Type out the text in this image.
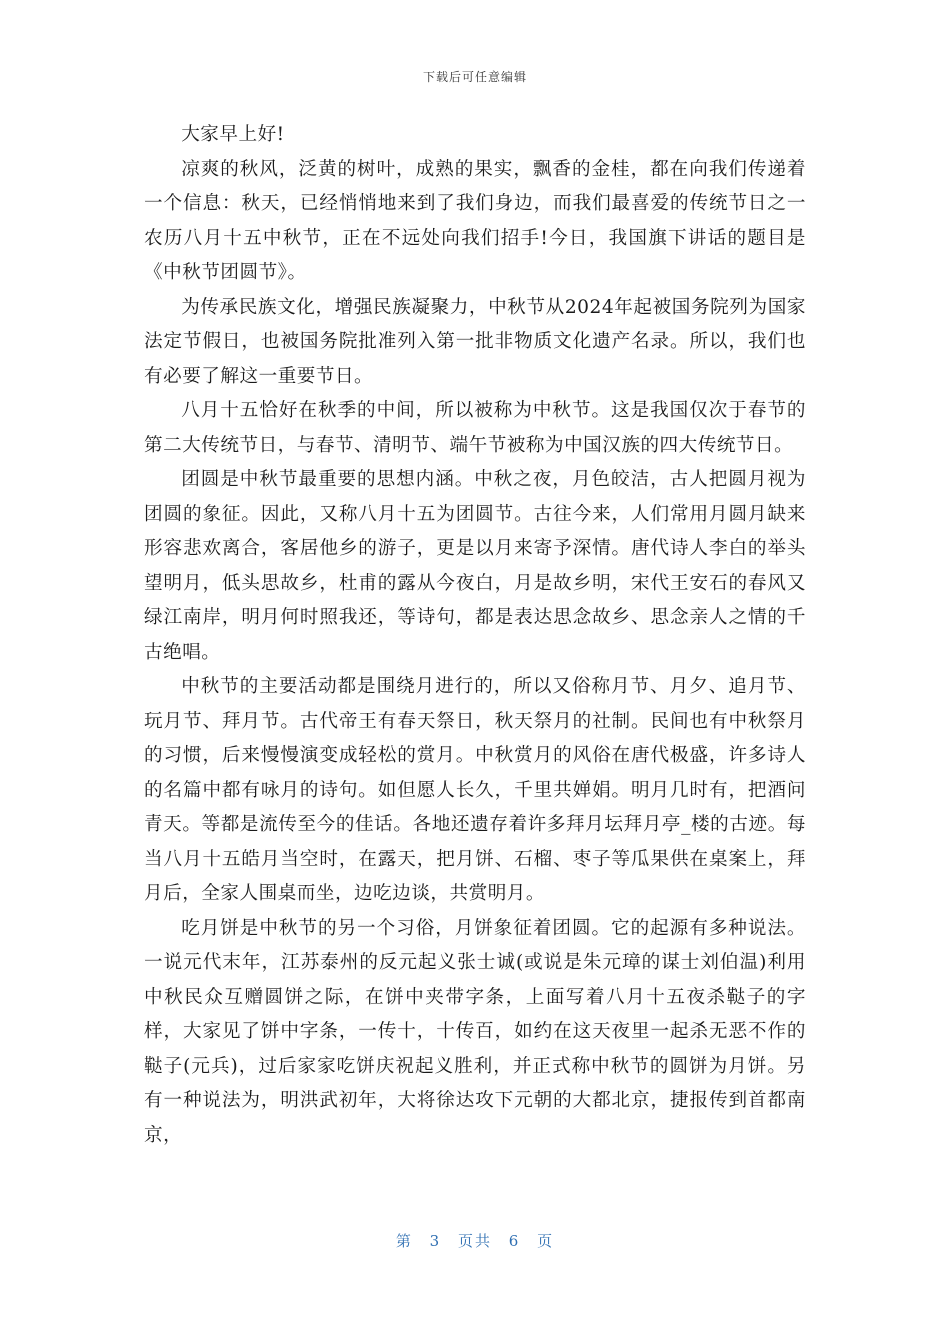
下载后可任意编辑

大家早上好!

凉爽的秋风，泛黄的树叶，成熟的果实，飘香的金桂，都在向我们传递着一个信息：秋天，已经悄悄地来到了我们身边，而我们最喜爱的传统节日之一农历八月十五中秋节，正在不远处向我们招手!今日，我国旗下讲话的题目是《中秋节团圆节》。

为传承民族文化，增强民族凝聚力，中秋节从2024年起被国务院列为国家法定节假日，也被国务院批准列入第一批非物质文化遗产名录。所以，我们也有必要了解这一重要节日。

八月十五恰好在秋季的中间，所以被称为中秋节。这是我国仅次于春节的第二大传统节日，与春节、清明节、端午节被称为中国汉族的四大传统节日。

团圆是中秋节最重要的思想内涵。中秋之夜，月色皎洁，古人把圆月视为团圆的象征。因此，又称八月十五为团圆节。古往今来，人们常用月圆月缺来形容悲欢离合，客居他乡的游子，更是以月来寄予深情。唐代诗人李白的举头望明月，低头思故乡，杜甫的露从今夜白，月是故乡明，宋代王安石的春风又绿江南岸，明月何时照我还，等诗句，都是表达思念故乡、思念亲人之情的千古绝唱。

中秋节的主要活动都是围绕月进行的，所以又俗称月节、月夕、追月节、玩月节、拜月节。古代帝王有春天祭日，秋天祭月的社制。民间也有中秋祭月的习惯，后来慢慢演变成轻松的赏月。中秋赏月的风俗在唐代极盛，许多诗人的名篇中都有咏月的诗句。如但愿人长久，千里共婵娟。明月几时有，把酒问青天。等都是流传至今的佳话。各地还遗存着许多拜月坛拜月亭_楼的古迹。每当八月十五皓月当空时，在露天，把月饼、石榴、枣子等瓜果供在桌案上，拜月后，全家人围桌而坐，边吃边谈，共赏明月。

吃月饼是中秋节的另一个习俗，月饼象征着团圆。它的起源有多种说法。一说元代末年，江苏泰州的反元起义张士诚(或说是朱元璋的谋士刘伯温)利用中秋民众互赠圆饼之际，在饼中夹带字条，上面写着八月十五夜杀鞑子的字样，大家见了饼中字条，一传十，十传百，如约在这天夜里一起杀无恶不作的鞑子(元兵)，过后家家吃饼庆祝起义胜利，并正式称中秋节的圆饼为月饼。另有一种说法为，明洪武初年，大将徐达攻下元朝的大都北京，捷报传到首都南京，

第 3 页共 6 页
